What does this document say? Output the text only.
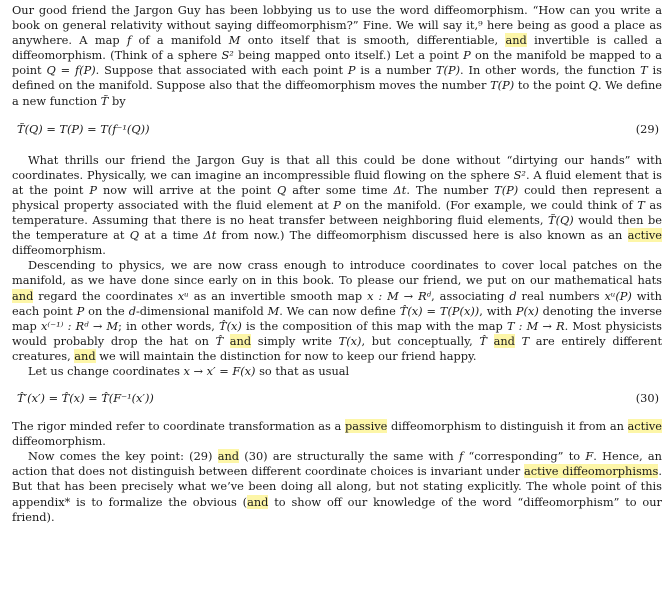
Our good friend the Jargon Guy has been lobbying us to use the word diffeomorphism. “How can you write a book on general relativity without saying diffeomorphism?” Fine. We will say it,⁹ here being as good a place as anywhere. A map f of a manifold M onto itself that is smooth, differentiable, and invertible is called a diffeomorphism. (Think of a sphere S² being mapped onto itself.) Let a point P on the manifold be mapped to a point Q = f(P). Suppose that associated with each point P is a number T(P). In other words, the function T is defined on the manifold. Suppose also that the diffeomorphism moves the number T(P) to the point Q. We define a new function T̃ by

T̃(Q) = T(P) = T(f⁻¹(Q))	(29)

What thrills our friend the Jargon Guy is that all this could be done without “dirtying our hands” with coordinates. Physically, we can imagine an incompressible fluid flowing on the sphere S². A fluid element that is at the point P now will arrive at the point Q after some time Δt. The number T(P) could then represent a physical property associated with the fluid element at P on the manifold. (For example, we could think of T as temperature. Assuming that there is no heat transfer between neighboring fluid elements, T̃(Q) would then be the temperature at Q at a time Δt from now.) The diffeomorphism discussed here is also known as an active diffeomorphism.

Descending to physics, we are now crass enough to introduce coordinates to cover local patches on the manifold, as we have done since early on in this book. To please our friend, we put on our mathematical hats and regard the coordinates xᵘ as an invertible smooth map x : M → Rᵈ, associating d real numbers xᵘ(P) with each point P on the d-dimensional manifold M. We can now define T̂(x) = T(P(x)), with P(x) denoting the inverse map x⁽⁻¹⁾ : Rᵈ → M; in other words, T̂(x) is the composition of this map with the map T : M → R. Most physicists would probably drop the hat on T̂ and simply write T(x), but conceptually, T̂ and T are entirely different creatures, and we will maintain the distinction for now to keep our friend happy.

Let us change coordinates x → x′ = F(x) so that as usual

T̂′(x′) = T̂(x) = T̂(F⁻¹(x′))	(30)

The rigor minded refer to coordinate transformation as a passive diffeomorphism to distinguish it from an active diffeomorphism.

Now comes the key point: (29) and (30) are structurally the same with f “corresponding” to F. Hence, an action that does not distinguish between different coordinate choices is invariant under active diffeomorphisms. But that has been precisely what we’ve been doing all along, but not stating explicitly. The whole point of this appendix* is to formalize the obvious (and to show off our knowledge of the word “diffeomorphism” to our friend).
